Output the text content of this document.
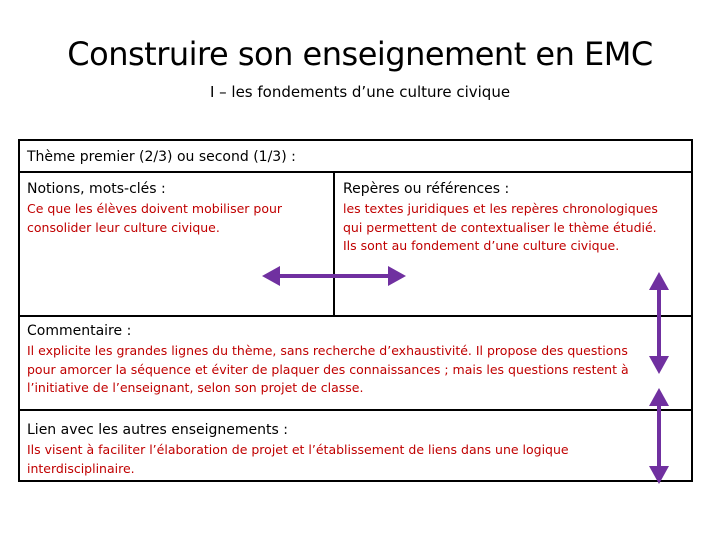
Construire son enseignement en EMC
I – les fondements d’une culture civique
Thème premier (2/3) ou second (1/3) :
Notions, mots-clés :
Ce que les élèves doivent mobiliser pour
consolider leur culture civique.
Repères ou références :
les textes juridiques et les repères chronologiques
qui permettent de contextualiser le thème étudié.
Ils sont au fondement d’une culture civique.
Commentaire :
Il explicite les grandes lignes du thème, sans recherche d’exhaustivité. Il propose des questions
pour amorcer la séquence et éviter de plaquer des connaissances ; mais les questions restent à
l’initiative de l’enseignant, selon son projet de classe.
Lien avec les autres enseignements :
Ils visent à faciliter l’élaboration de projet et l’établissement de liens dans une logique
interdisciplinaire.
